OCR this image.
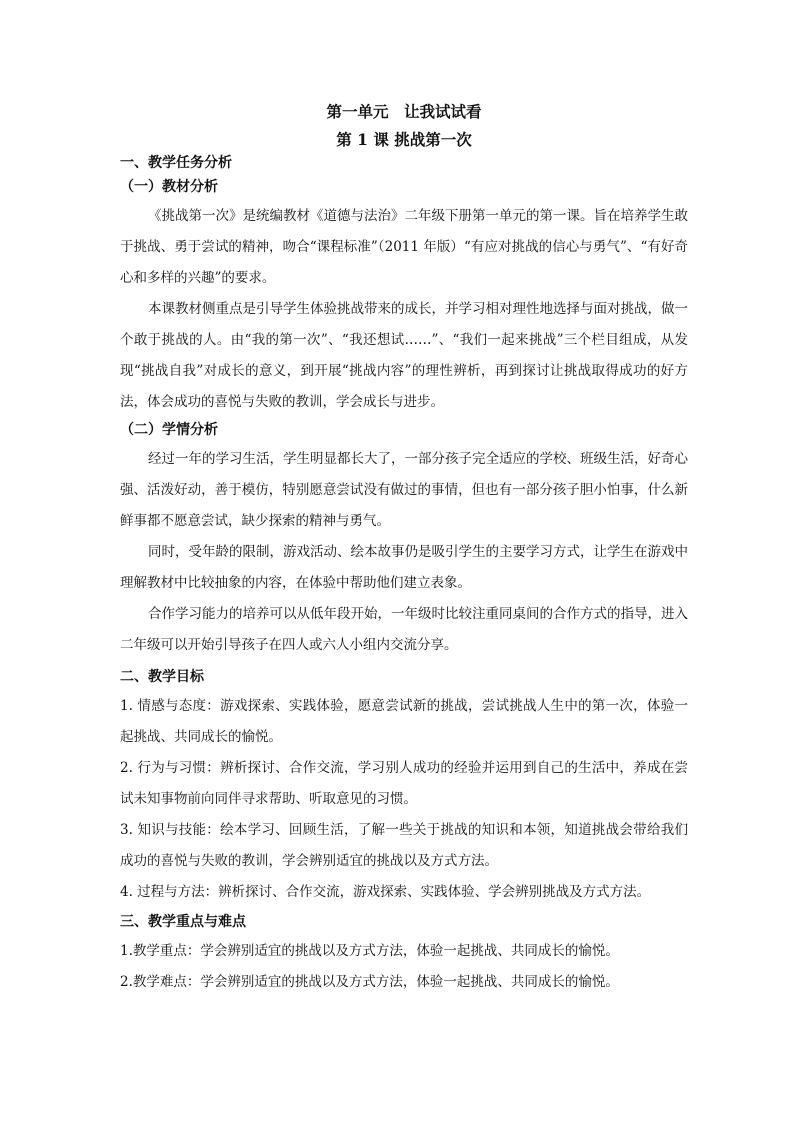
第一单元　让我试试看

第 1 课 挑战第一次

一、教学任务分析

（一）教材分析

《挑战第一次》是统编教材《道德与法治》二年级下册第一单元的第一课。旨在培养学生敢于挑战、勇于尝试的精神，吻合“课程标准”（2011 年版）“有应对挑战的信心与勇气”、“有好奇心和多样的兴趣”的要求。

本课教材侧重点是引导学生体验挑战带来的成长，并学习相对理性地选择与面对挑战，做一个敢于挑战的人。由“我的第一次”、“我还想试……”、“我们一起来挑战”三个栏目组成，从发现“挑战自我”对成长的意义，到开展“挑战内容”的理性辨析，再到探讨让挑战取得成功的好方法，体会成功的喜悦与失败的教训，学会成长与进步。

（二）学情分析

经过一年的学习生活，学生明显都长大了，一部分孩子完全适应的学校、班级生活，好奇心强、活泼好动，善于模仿，特别愿意尝试没有做过的事情，但也有一部分孩子胆小怕事，什么新鲜事都不愿意尝试，缺少探索的精神与勇气。

同时，受年龄的限制，游戏活动、绘本故事仍是吸引学生的主要学习方式，让学生在游戏中理解教材中比较抽象的内容，在体验中帮助他们建立表象。

合作学习能力的培养可以从低年段开始，一年级时比较注重同桌间的合作方式的指导，进入二年级可以开始引导孩子在四人或六人小组内交流分享。

二、教学目标

1. 情感与态度：游戏探索、实践体验，愿意尝试新的挑战，尝试挑战人生中的第一次，体验一起挑战、共同成长的愉悦。

2. 行为与习惯：辨析探讨、合作交流，学习别人成功的经验并运用到自己的生活中，养成在尝试未知事物前向同伴寻求帮助、听取意见的习惯。

3. 知识与技能：绘本学习、回顾生活，了解一些关于挑战的知识和本领，知道挑战会带给我们成功的喜悦与失败的教训，学会辨别适宜的挑战以及方式方法。

4. 过程与方法：辨析探讨、合作交流，游戏探索、实践体验、学会辨别挑战及方式方法。

三、教学重点与难点

1.教学重点：学会辨别适宜的挑战以及方式方法，体验一起挑战、共同成长的愉悦。

2.教学难点：学会辨别适宜的挑战以及方式方法，体验一起挑战、共同成长的愉悦。
